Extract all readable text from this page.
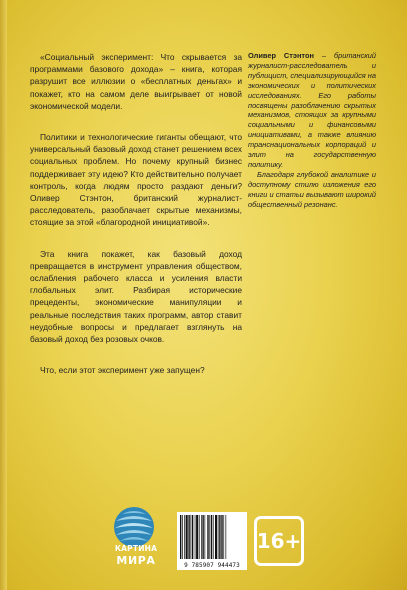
«Социальный эксперимент: Что скрывается за программами базового дохода» – книга, которая разрушит все иллюзии о «бесплатных деньгах» и покажет, кто на самом деле выигрывает от новой экономической модели.

Политики и технологические гиганты обещают, что универсальный базовый доход станет решением всех социальных проблем. Но почему крупный бизнес поддерживает эту идею? Кто действительно получает контроль, когда людям просто раздают деньги? Оливер Стэнтон, британский журналист-расследователь, разоблачает скрытые механизмы, стоящие за этой «благородной инициативой».

Эта книга покажет, как базовый доход превращается в инструмент управления обществом, ослабления рабочего класса и усиления власти глобальных элит. Разбирая исторические прецеденты, экономические манипуляции и реальные последствия таких программ, автор ставит неудобные вопросы и предлагает взглянуть на базовый доход без розовых очков.

Что, если этот эксперимент уже запущен?

Оливер Стэнтон – британский журналист-расследователь и публицист, специализирующийся на экономических и политических исследованиях. Его работы посвящены разоблачению скрытых механизмов, стоящих за крупными социальными и финансовыми инициативами, а также влиянию транснациональных корпораций и элит на государственную политику.

Благодаря глубокой аналитике и доступному стилю изложения его книги и статьи вызывают широкий общественный резонанс.

КАРТИНА
МИРА	9 785907 944473
16+
